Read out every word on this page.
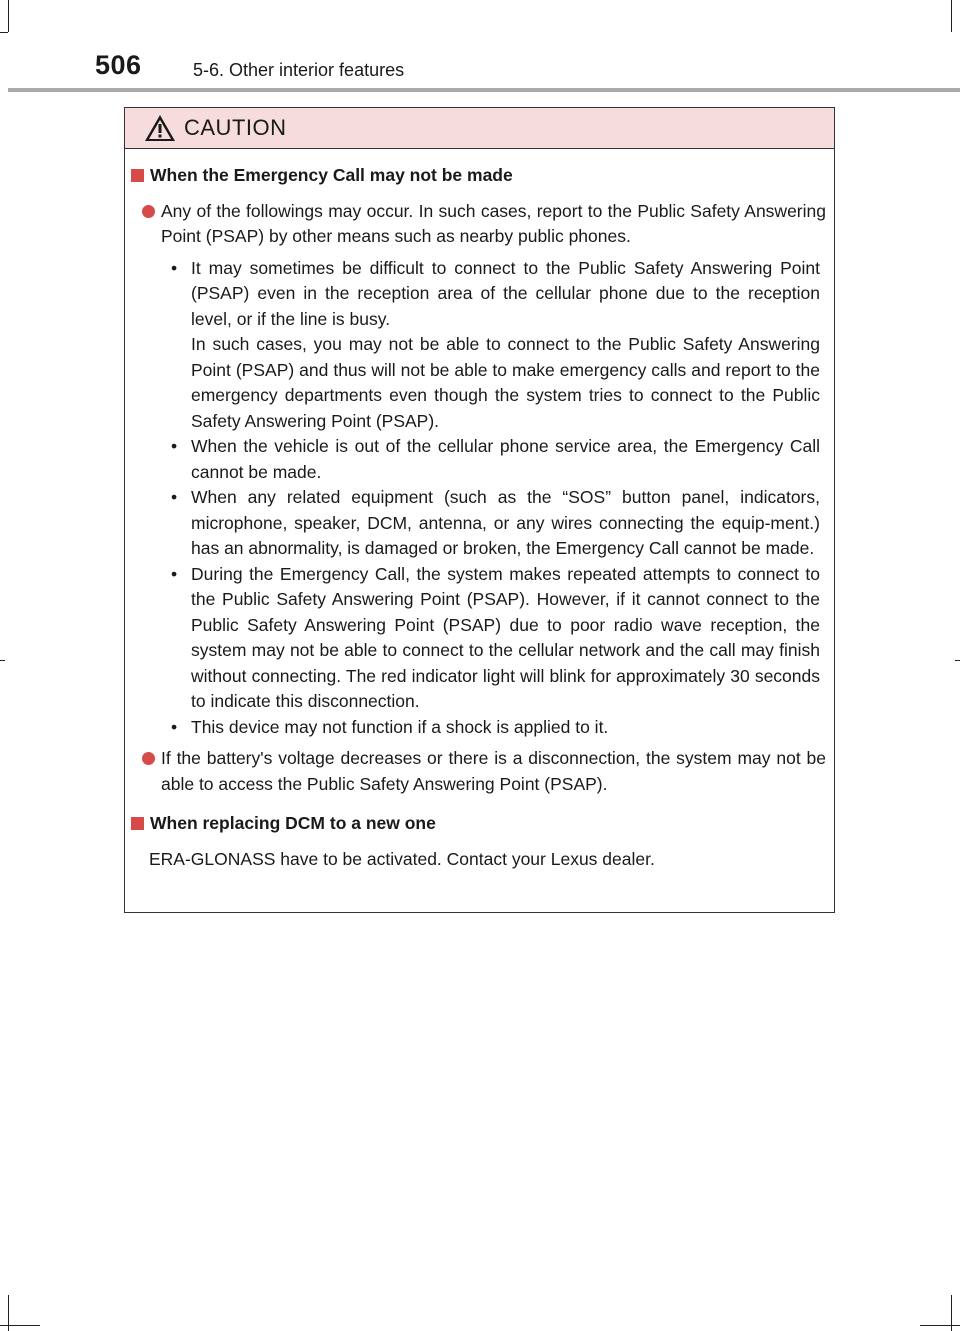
506	5-6. Other interior features
CAUTION
When the Emergency Call may not be made
Any of the followings may occur. In such cases, report to the Public Safety Answering Point (PSAP) by other means such as nearby public phones.
• It may sometimes be difficult to connect to the Public Safety Answering Point (PSAP) even in the reception area of the cellular phone due to the reception level, or if the line is busy.

In such cases, you may not be able to connect to the Public Safety Answering Point (PSAP) and thus will not be able to make emergency calls and report to the emergency departments even though the system tries to connect to the Public Safety Answering Point (PSAP).

• When the vehicle is out of the cellular phone service area, the Emergency Call cannot be made.

• When any related equipment (such as the “SOS” button panel, indicators, microphone, speaker, DCM, antenna, or any wires connecting the equip-ment.) has an abnormality, is damaged or broken, the Emergency Call cannot be made.

• During the Emergency Call, the system makes repeated attempts to connect to the Public Safety Answering Point (PSAP). However, if it cannot connect to the Public Safety Answering Point (PSAP) due to poor radio wave reception, the system may not be able to connect to the cellular network and the call may finish without connecting. The red indicator light will blink for approximately 30 seconds to indicate this disconnection.

• This device may not function if a shock is applied to it.

If the battery's voltage decreases or there is a disconnection, the system may not be able to access the Public Safety Answering Point (PSAP).
When replacing DCM to a new one

ERA-GLONASS have to be activated. Contact your Lexus dealer.
